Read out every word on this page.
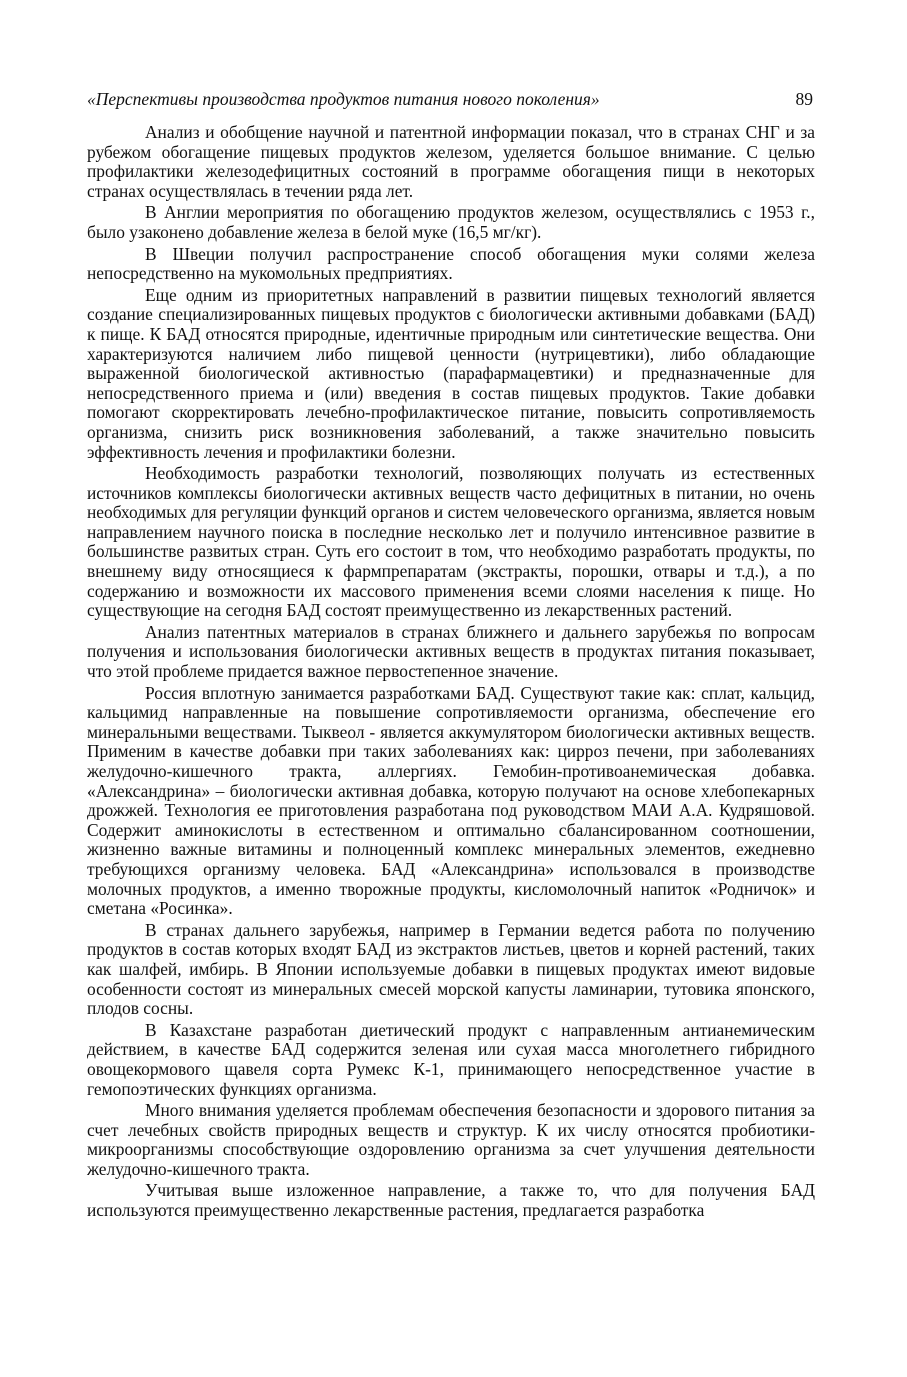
«Перспективы производства продуктов питания нового поколения»	89

Анализ и обобщение научной и патентной информации показал, что в странах СНГ и за рубежом обогащение пищевых продуктов железом, уделяется большое внимание. С целью профилактики железодефицитных состояний в программе обогащения пищи в некоторых странах осуществлялась в течении ряда лет.

В Англии мероприятия по обогащению продуктов железом, осуществлялись с 1953 г., было узаконено добавление железа в белой муке (16,5 мг/кг).

В Швеции получил распространение способ обогащения муки солями железа непосредственно на мукомольных предприятиях.

Еще одним из приоритетных направлений в развитии пищевых технологий является создание специализированных пищевых продуктов с биологически активными добавками (БАД) к пище. К БАД относятся природные, идентичные природным или синтетические вещества. Они характеризуются наличием либо пищевой ценности (нутрицевтики), либо обладающие выраженной биологической активностью (парафармацевтики) и предназначенные для непосредственного приема и (или) введения в состав пищевых продуктов. Такие добавки помогают скорректировать лечебно-профилактическое питание, повысить сопротивляемость организма, снизить риск возникновения заболеваний, а также значительно повысить эффективность лечения и профилактики болезни.

Необходимость разработки технологий, позволяющих получать из естественных источников комплексы биологически активных веществ часто дефицитных в питании, но очень необходимых для регуляции функций органов и систем человеческого организма, является новым направлением научного поиска в последние несколько лет и получило интенсивное развитие в большинстве развитых стран. Суть его состоит в том, что необходимо разработать продукты, по внешнему виду относящиеся к фармпрепаратам (экстракты, порошки, отвары и т.д.), а по содержанию и возможности их массового применения всеми слоями населения к пище. Но существующие на сегодня БАД состоят преимущественно из лекарственных растений.

Анализ патентных материалов в странах ближнего и дальнего зарубежья по вопросам получения и использования биологически активных веществ в продуктах питания показывает, что этой проблеме придается важное первостепенное значение.

Россия вплотную занимается разработками БАД. Существуют такие как: сплат, кальцид, кальцимид направленные на повышение сопротивляемости организма, обеспечение его минеральными веществами. Тыквеол - является аккумулятором биологически активных веществ. Применим в качестве добавки при таких заболеваниях как: цирроз печени, при заболеваниях желудочно-кишечного тракта, аллергиях. Гемобин-противоанемическая добавка. «Александрина» – биологически активная добавка, которую получают на основе хлебопекарных дрожжей. Технология ее приготовления разработана под руководством МАИ А.А. Кудряшовой. Содержит аминокислоты в естественном и оптимально сбалансированном соотношении, жизненно важные витамины и полноценный комплекс минеральных элементов, ежедневно требующихся организму человека. БАД «Александрина» использовался в производстве молочных продуктов, а именно творожные продукты, кисломолочный напиток «Родничок» и сметана «Росинка».

В странах дальнего зарубежья, например в Германии ведется работа по получению продуктов в состав которых входят БАД из экстрактов листьев, цветов и корней растений, таких как шалфей, имбирь. В Японии используемые добавки в пищевых продуктах имеют видовые особенности состоят из минеральных смесей морской капусты ламинарии, тутовика японского, плодов сосны.

В Казахстане разработан диетический продукт с направленным антианемическим действием, в качестве БАД содержится зеленая или сухая масса многолетнего гибридного овощекормового щавеля сорта Румекс К-1, принимающего непосредственное участие в гемопоэтических функциях организма.

Много внимания уделяется проблемам обеспечения безопасности и здорового питания за счет лечебных свойств природных веществ и структур. К их числу относятся пробиотики-микроорганизмы способствующие оздоровлению организма за счет улучшения деятельности желудочно-кишечного тракта.

Учитывая выше изложенное направление, а также то, что для получения БАД используются преимущественно лекарственные растения, предлагается разработка
